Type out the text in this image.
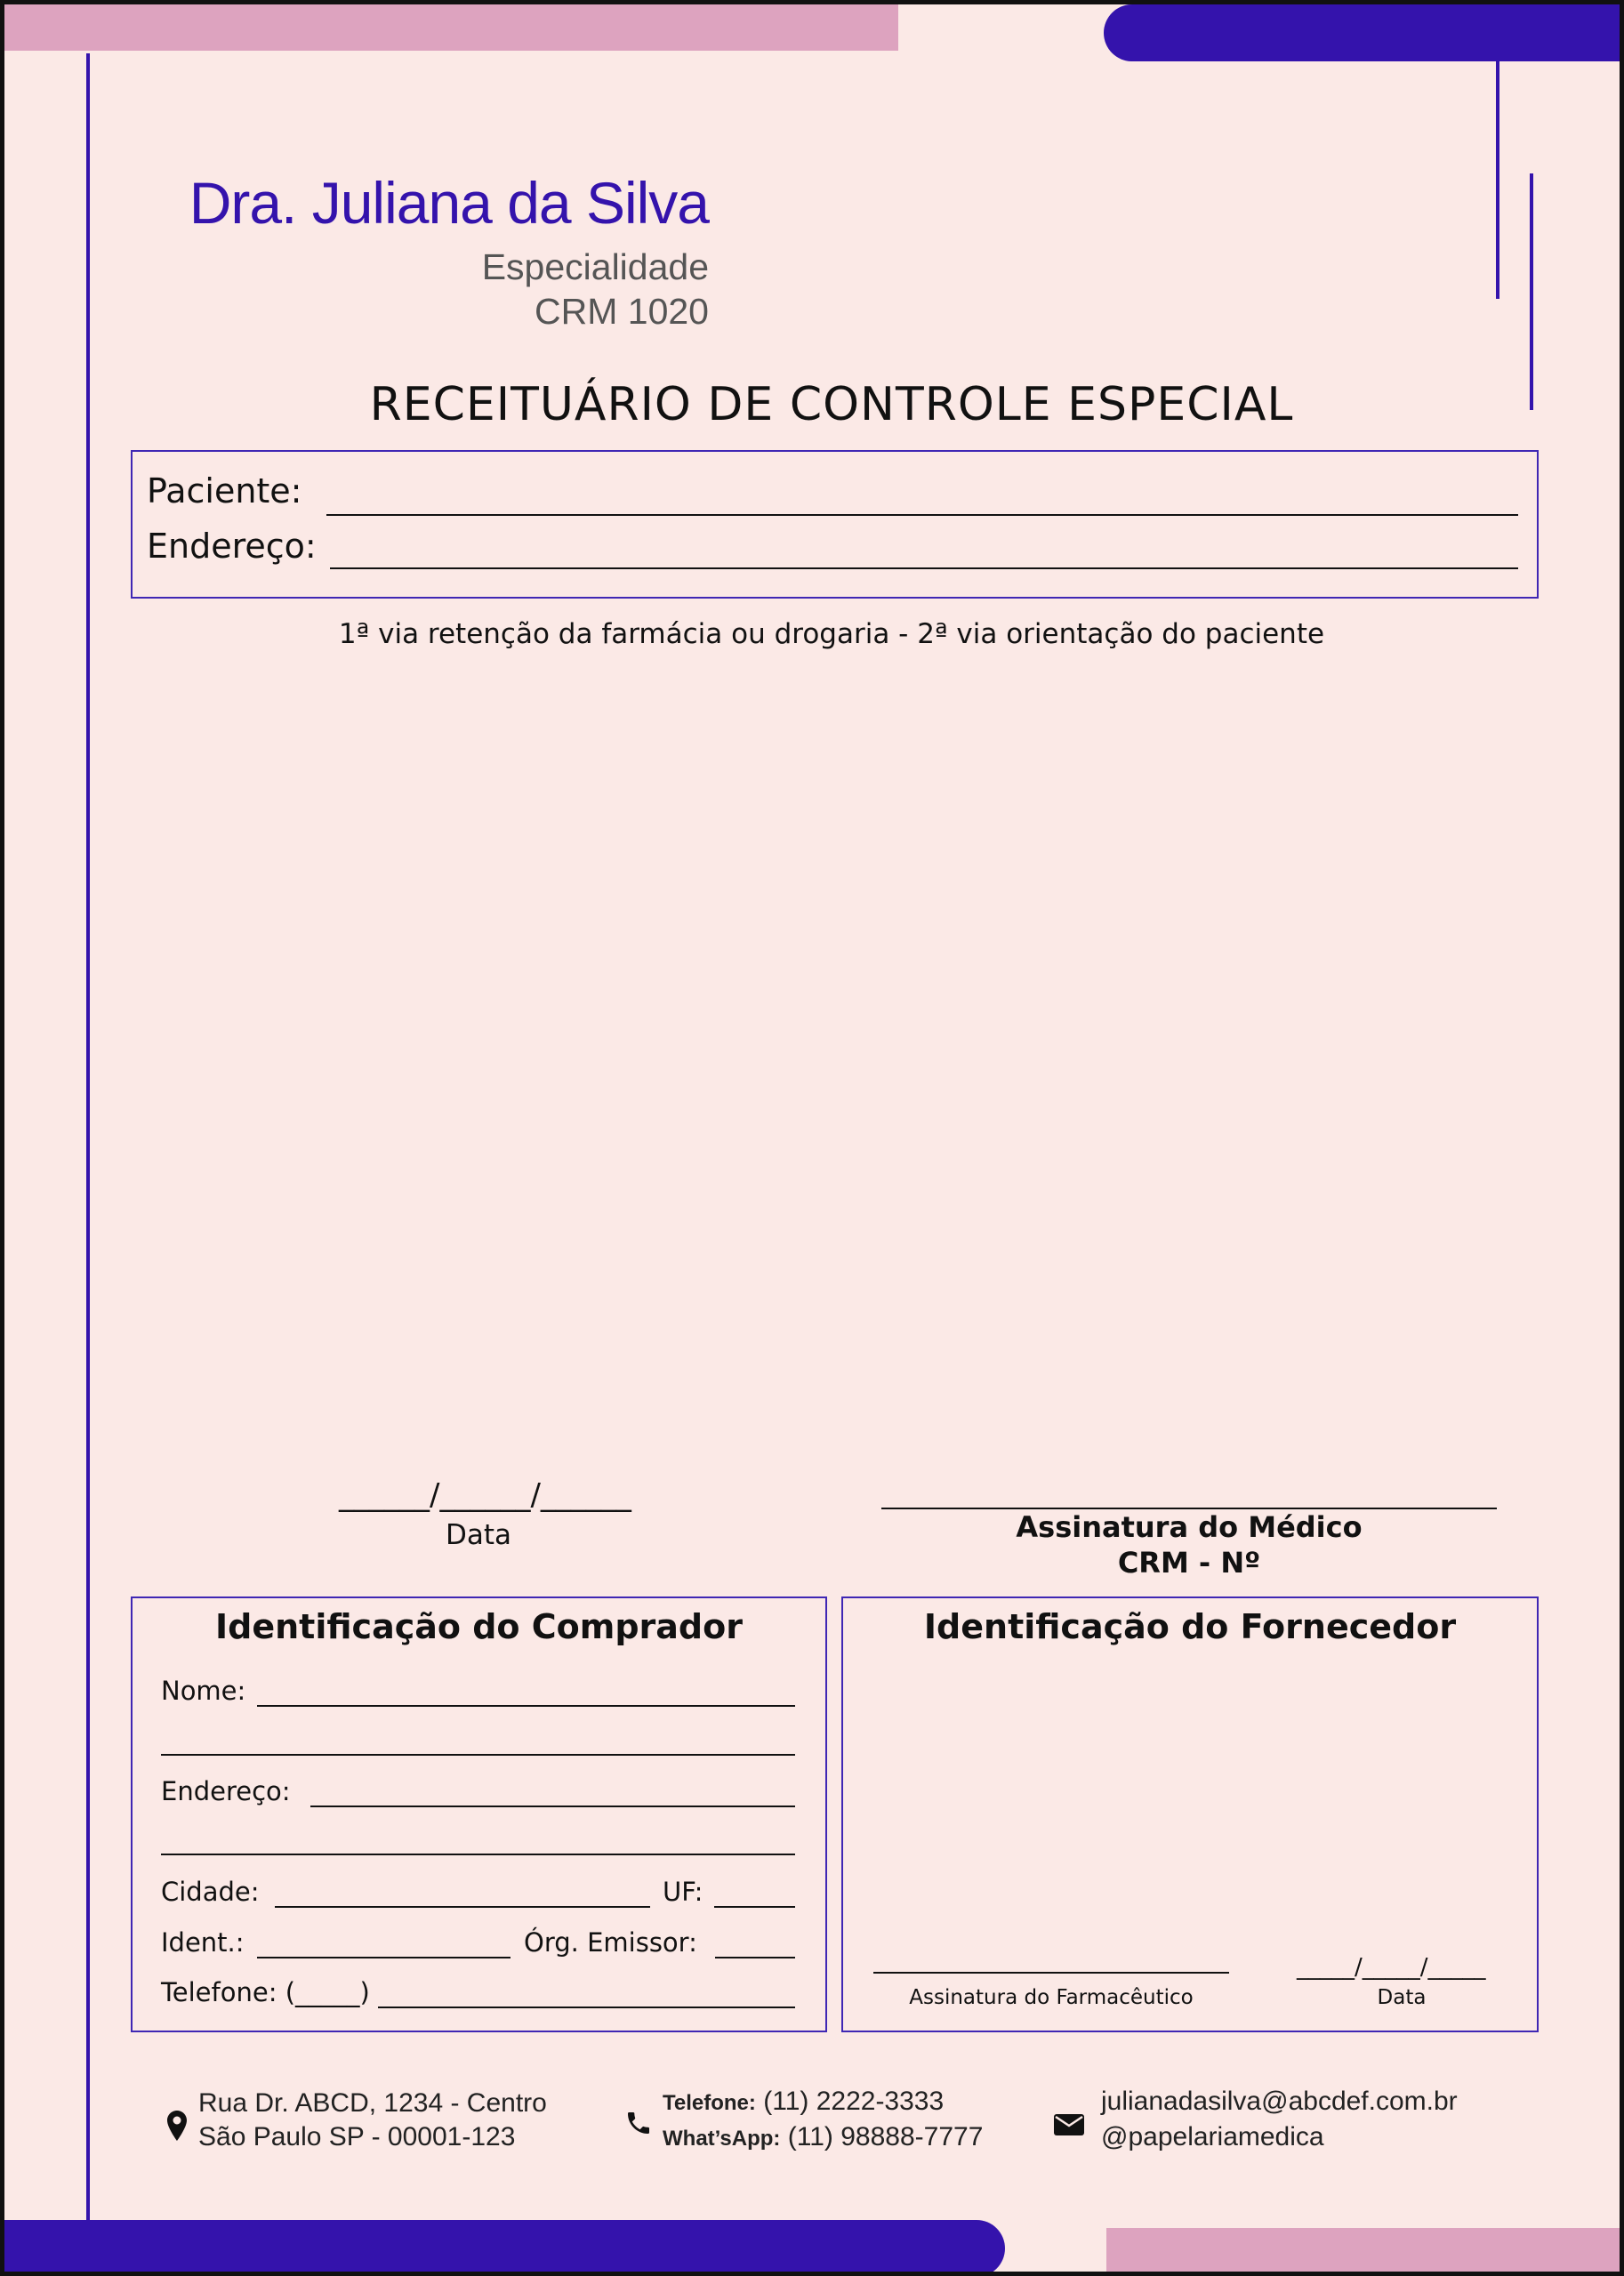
Dra. Juliana da Silva
Especialidade
CRM 1020
RECEITUÁRIO DE CONTROLE ESPECIAL
Paciente:
Endereço:
1ª via retenção da farmácia ou drogaria - 2ª via orientação do paciente
______/______/______
Data	Assinatura do Médico
CRM - Nº
Identificação do Comprador
Nome:
Endereço:
Cidade:	UF:
Ident.:	Órg. Emissor:
Telefone: (_____)
Identificação do Fornecedor
Assinatura do Farmacêutico
_____/_____/_____
Data
Rua Dr. ABCD, 1234 - Centro
São Paulo SP - 00001-123
Telefone: (11) 2222-3333
What’sApp: (11) 98888-7777
julianadasilva@abcdef.com.br
@papelariamedica
